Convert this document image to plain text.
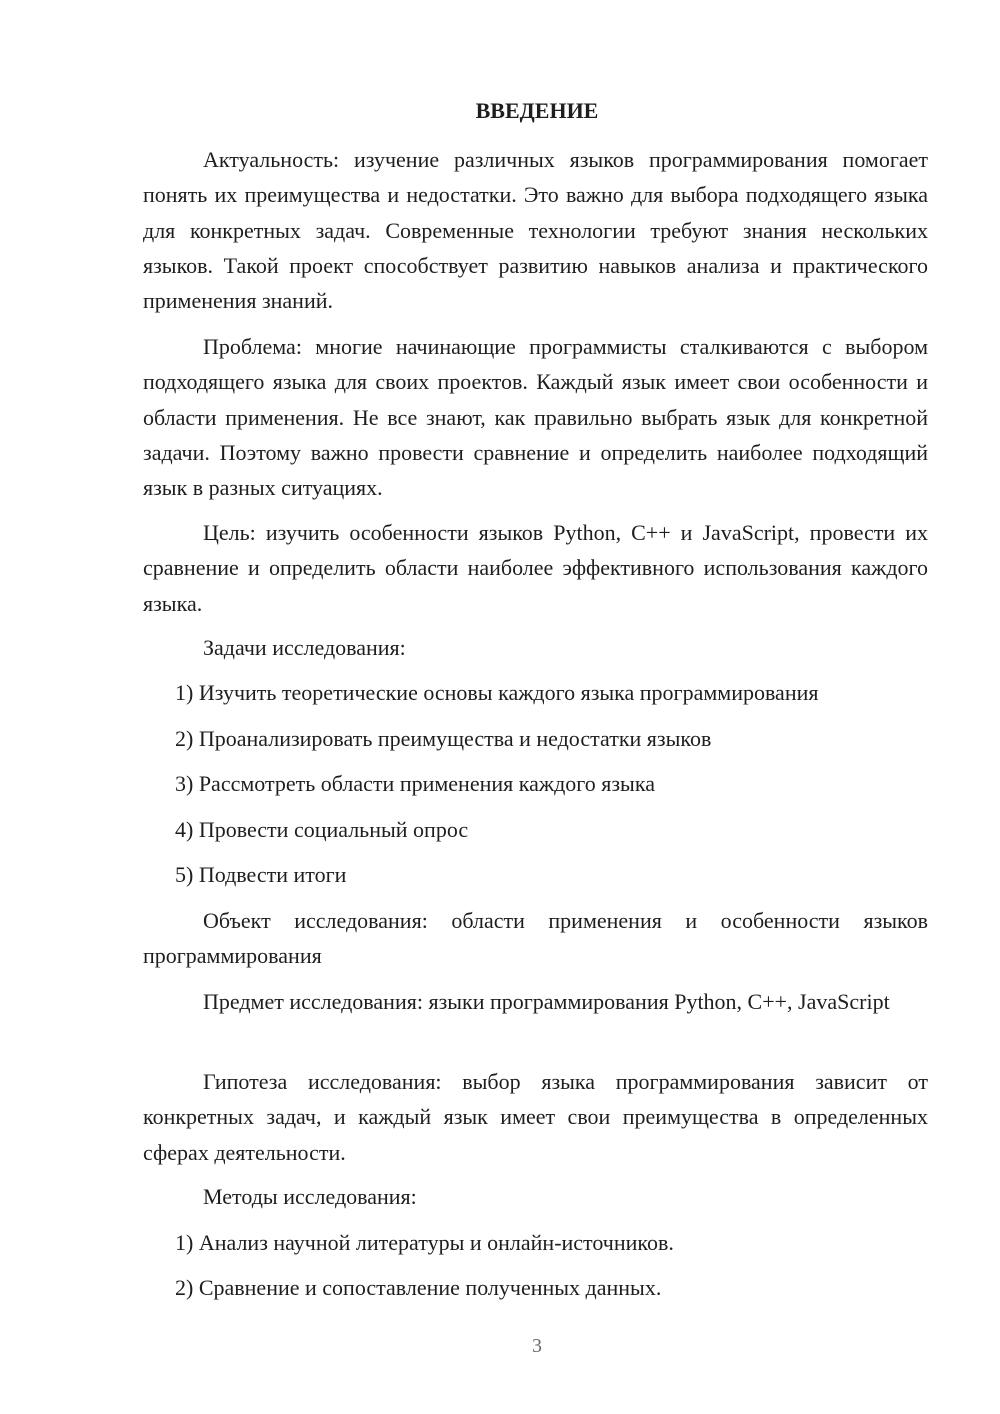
ВВЕДЕНИЕ

Актуальность: изучение различных языков программирования помогает понять их преимущества и недостатки. Это важно для выбора подходящего языка для конкретных задач. Современные технологии требуют знания нескольких языков. Такой проект способствует развитию навыков анализа и практического применения знаний.

Проблема: многие начинающие программисты сталкиваются с выбором подходящего языка для своих проектов. Каждый язык имеет свои особенности и области применения. Не все знают, как правильно выбрать язык для конкретной задачи. Поэтому важно провести сравнение и определить наиболее подходящий язык в разных ситуациях.

Цель: изучить особенности языков Python, C++ и JavaScript, провести их сравнение и определить области наиболее эффективного использования каждого языка.

Задачи исследования:

1) Изучить теоретические основы каждого языка программирования

2) Проанализировать преимущества и недостатки языков

3) Рассмотреть области применения каждого языка

4) Провести социальный опрос

5) Подвести итоги

Объект исследования: области применения и особенности языков программирования

Предмет исследования: языки программирования Python, C++, JavaScript

Гипотеза исследования: выбор языка программирования зависит от конкретных задач, и каждый язык имеет свои преимущества в определенных сферах деятельности.

Методы исследования:

1) Анализ научной литературы и онлайн-источников.

2) Сравнение и сопоставление полученных данных.

3
